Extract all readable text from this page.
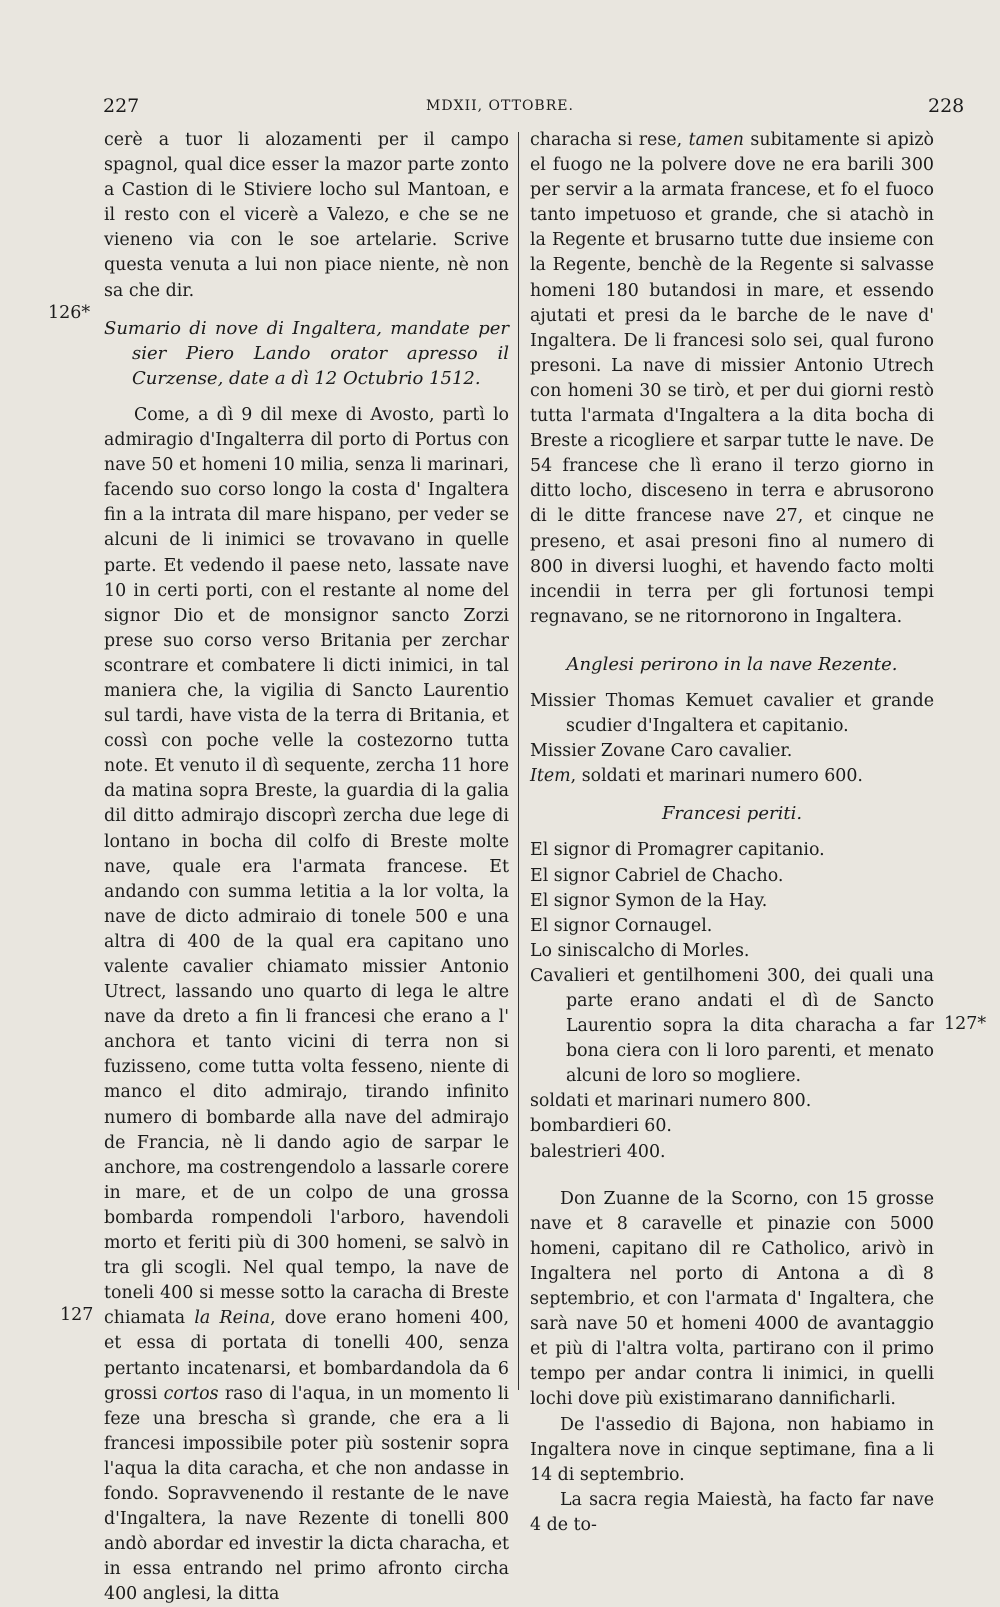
227	MDXII, OTTOBRE.	228
126*
127
127*

cerè a tuor li alozamenti per il campo spagnol, qual dice esser la mazor parte zonto a Castion di le Stiviere locho sul Mantoan, e il resto con el vicerè a Valezo, e che se ne vieneno via con le soe artelarie. Scrive questa venuta a lui non piace niente, nè non sa che dir.

Sumario di nove di Ingaltera, mandate per sier Piero Lando orator apresso il Curzense, date a dì 12 Octubrio 1512.

Come, a dì 9 dil mexe di Avosto, partì lo admiragio d'Ingalterra dil porto di Portus con nave 50 et homeni 10 milia, senza li marinari, facendo suo corso longo la costa d' Ingaltera fin a la intrata dil mare hispano, per veder se alcuni de li inimici se trovavano in quelle parte. Et vedendo il paese neto, lassate nave 10 in certi porti, con el restante al nome del signor Dio et de monsignor sancto Zorzi prese suo corso verso Britania per zerchar scontrare et combatere li dicti inimici, in tal maniera che, la vigilia di Sancto Laurentio sul tardi, have vista de la terra di Britania, et cossì con poche velle la costezorno tutta note. Et venuto il dì sequente, zercha 11 hore da matina sopra Breste, la guardia di la galia dil ditto admirajo discoprì zercha due lege di lontano in bocha dil colfo di Breste molte nave, quale era l'armata francese. Et andando con summa letitia a la lor volta, la nave de dicto admiraio di tonele 500 e una altra di 400 de la qual era capitano uno valente cavalier chiamato missier Antonio Utrect, lassando uno quarto di lega le altre nave da dreto a fin li francesi che erano a l' anchora et tanto vicini di terra non si fuzisseno, come tutta volta fesseno, niente di manco el dito admirajo, tirando infinito numero di bombarde alla nave del admirajo de Francia, nè li dando agio de sarpar le anchore, ma costrengendolo a lassarle corere in mare, et de un colpo de una grossa bombarda rompendoli l'arboro, havendoli morto et feriti più di 300 homeni, se salvò in tra gli scogli. Nel qual tempo, la nave de toneli 400 si messe sotto la caracha di Breste chiamata la Reina, dove erano homeni 400, et essa di portata di tonelli 400, senza pertanto incatenarsi, et bombardandola da 6 grossi cortos raso di l'aqua, in un momento li feze una brescha sì grande, che era a li francesi impossibile poter più sostenir sopra l'aqua la dita caracha, et che non andasse in fondo. Sopravvenendo il restante de le nave d'Ingaltera, la nave Rezente di tonelli 800 andò abordar ed investir la dicta characha, et in essa entrando nel primo afronto circha 400 anglesi, la ditta

characha si rese, tamen subitamente si apizò el fuogo ne la polvere dove ne era barili 300 per servir a la armata francese, et fo el fuoco tanto impetuoso et grande, che si atachò in la Regente et brusarno tutte due insieme con la Regente, benchè de la Regente si salvasse homeni 180 butandosi in mare, et essendo ajutati et presi da le barche de le nave d' Ingaltera. De li francesi solo sei, qual furono presoni. La nave di missier Antonio Utrech con homeni 30 se tirò, et per dui giorni restò tutta l'armata d'Ingaltera a la dita bocha di Breste a ricogliere et sarpar tutte le nave. De 54 francese che lì erano il terzo giorno in ditto locho, disceseno in terra e abrusorono di le ditte francese nave 27, et cinque ne preseno, et asai presoni fino al numero di 800 in diversi luoghi, et havendo facto molti incendii in terra per gli fortunosi tempi regnavano, se ne ritornorono in Ingaltera.

Anglesi perirono in la nave Rezente.

Missier Thomas Kemuet cavalier et grande scudier d'Ingaltera et capitanio.

Missier Zovane Caro cavalier.

Item, soldati et marinari numero 600.

Francesi periti.

El signor di Promagrer capitanio.

El signor Cabriel de Chacho.

El signor Symon de la Hay.

El signor Cornaugel.

Lo siniscalcho di Morles.

Cavalieri et gentilhomeni 300, dei quali una parte erano andati el dì de Sancto Laurentio sopra la dita characha a far bona ciera con li loro parenti, et menato alcuni de loro so mogliere.

soldati et marinari numero 800.

bombardieri 60.

balestrieri 400.

Don Zuanne de la Scorno, con 15 grosse nave et 8 caravelle et pinazie con 5000 homeni, capitano dil re Catholico, arivò in Ingaltera nel porto di Antona a dì 8 septembrio, et con l'armata d' Ingaltera, che sarà nave 50 et homeni 4000 de avantaggio et più di l'altra volta, partirano con il primo tempo per andar contra li inimici, in quelli lochi dove più existimarano dannificharli.

De l'assedio di Bajona, non habiamo in Ingaltera nove in cinque septimane, fina a li 14 di septembrio.

La sacra regia Maiestà, ha facto far nave 4 de to-
